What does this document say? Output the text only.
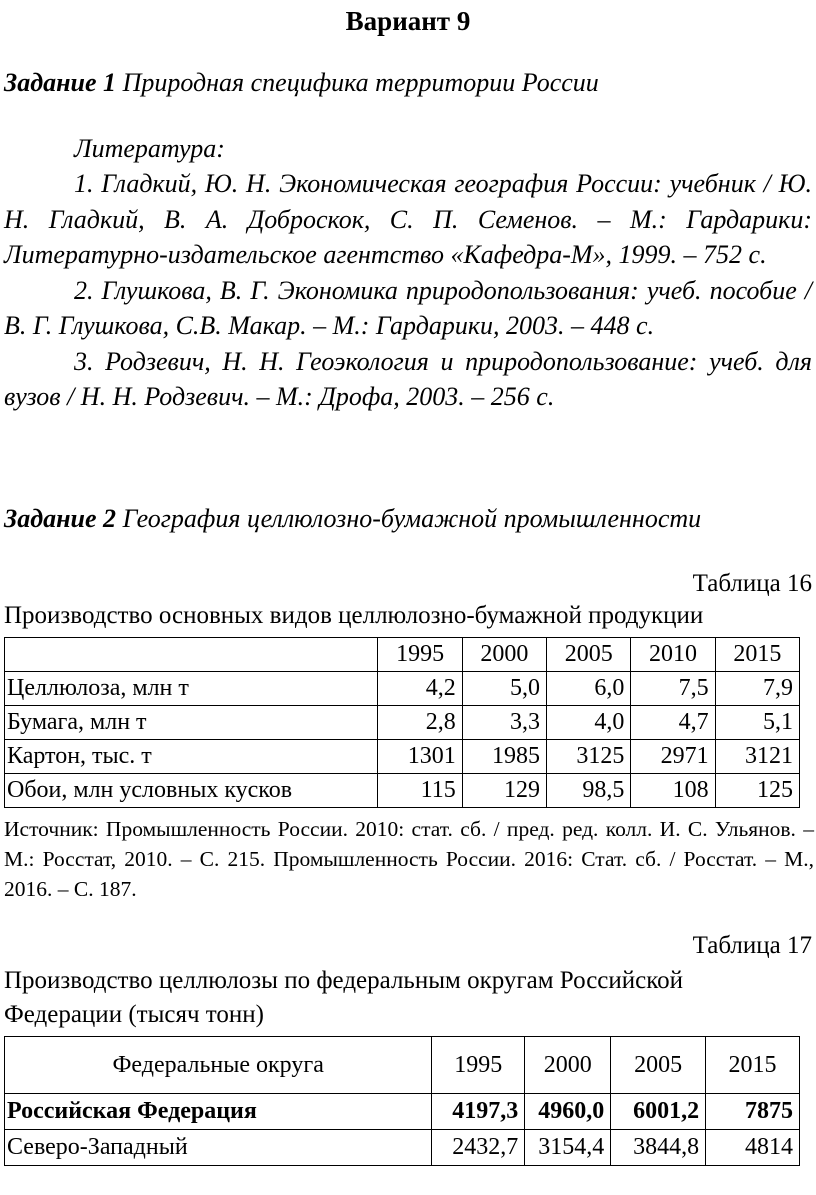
Вариант 9
Задание 1 Природная специфика территории России
Литература:

1. Гладкий, Ю. Н. Экономическая география России: учебник / Ю. Н. Гладкий, В. А. Доброскок, С. П. Семенов. – М.: Гардарики: Литературно-издательское агентство «Кафедра-М», 1999. – 752 с.

2. Глушкова, В. Г. Экономика природопользования: учеб. пособие / В. Г. Глушкова, С.В. Макар. – М.: Гардарики, 2003. – 448 с.

3. Родзевич, Н. Н. Геоэкология и природопользование: учеб. для вузов / Н. Н. Родзевич. – М.: Дрофа, 2003. – 256 с.

Задание 2 География целлюлозно-бумажной промышленности
Таблица 16
Производство основных видов целлюлозно-бумажной продукции
	1995	2000	2005	2010	2015
Целлюлоза, млн т	4,2	5,0	6,0	7,5	7,9
Бумага, млн т	2,8	3,3	4,0	4,7	5,1
Картон, тыс. т	1301	1985	3125	2971	3121
Обои, млн условных кусков	115	129	98,5	108	125

Источник: Промышленность России. 2010: стат. сб. / пред. ред. колл. И. С. Ульянов. – М.: Росстат, 2010. – С. 215. Промышленность России. 2016: Стат. сб. / Росстат. – М., 2016. – С. 187.

Таблица 17
Производство целлюлозы по федеральным округам Российской Федерации (тысяч тонн)
Федеральные округа	1995	2000	2005	2015
Российская Федерация	4197,3	4960,0	6001,2	7875
Северо-Западный	2432,7	3154,4	3844,8	4814
